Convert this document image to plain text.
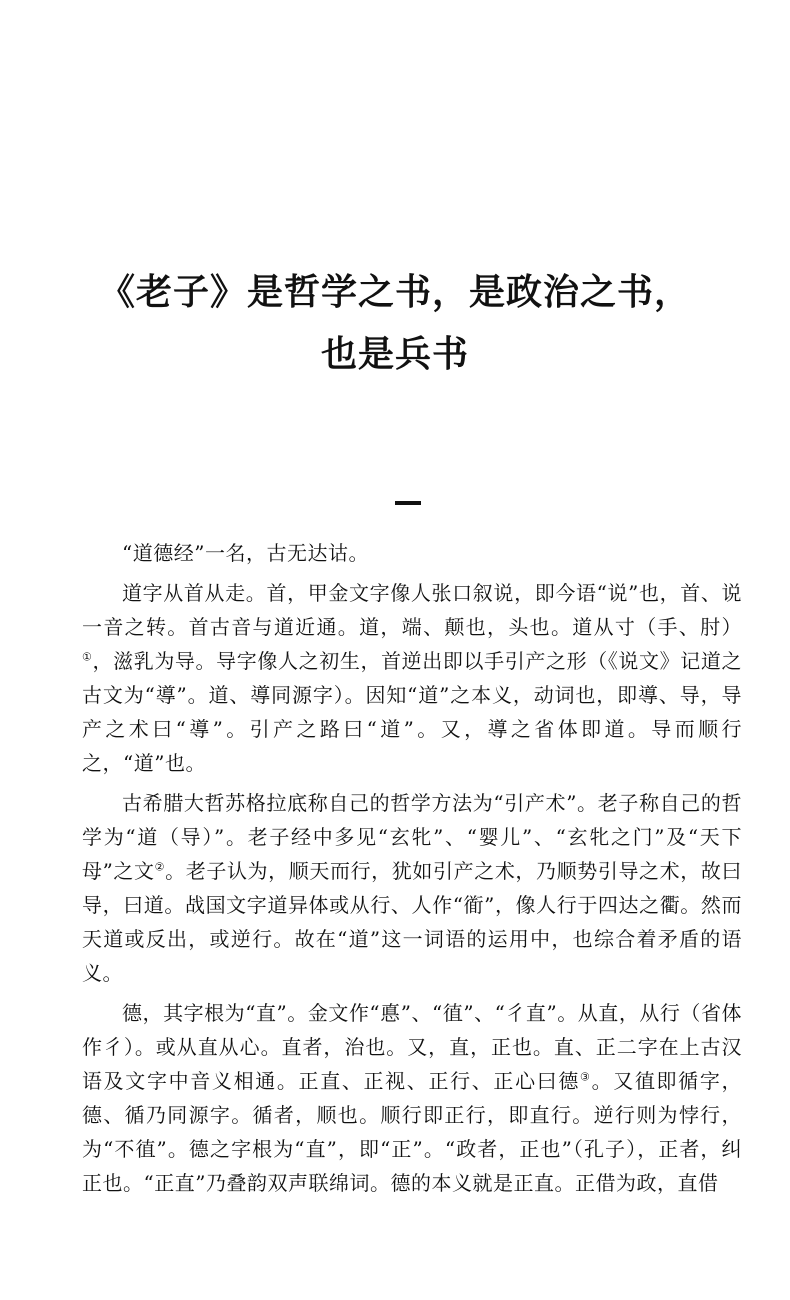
《老子》是哲学之书，是政治之书，
也是兵书

“道德经”一名，古无达诂。

道字从首从走。首，甲金文字像人张口叙说，即今语“说”也，首、说一音之转。首古音与道近通。道，端、颠也，头也。道从寸（手、肘）①，滋乳为导。导字像人之初生，首逆出即以手引产之形（《说文》记道之古文为“導”。道、導同源字）。因知“道”之本义，动词也，即導、导，导产之术曰“導”。引产之路曰“道”。又，導之省体即道。导而顺行之，“道”也。

古希腊大哲苏格拉底称自己的哲学方法为“引产术”。老子称自己的哲学为“道（导）”。老子经中多见“玄牝”、“婴儿”、“玄牝之门”及“天下母”之文②。老子认为，顺天而行，犹如引产之术，乃顺势引导之术，故曰导，曰道。战国文字道异体或从行、人作“衜”，像人行于四达之衢。然而天道或反出，或逆行。故在“道”这一词语的运用中，也综合着矛盾的语义。

德，其字根为“直”。金文作“悳”、“徝”、“彳直”。从直，从行（省体作彳）。或从直从心。直者，治也。又，直，正也。直、正二字在上古汉语及文字中音义相通。正直、正视、正行、正心曰德③。又徝即循字，德、循乃同源字。循者，顺也。顺行即正行，即直行。逆行则为悖行，为“不徝”。德之字根为“直”，即“正”。“政者，正也”（孔子），正者，纠正也。“正直”乃叠韵双声联绵词。德的本义就是正直。正借为政，直借
